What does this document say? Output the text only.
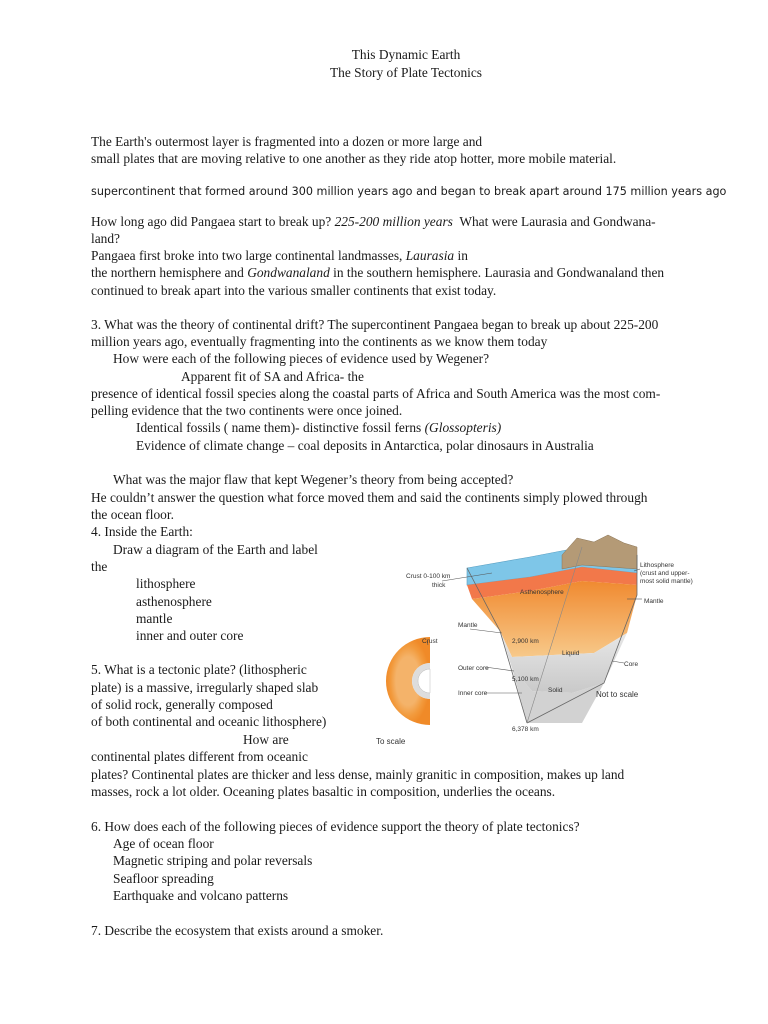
This Dynamic Earth
The Story of Plate Tectonics
The Earth's outermost layer is fragmented into a dozen or more large and
small plates that are moving relative to one another as they ride atop hotter, more mobile material.
supercontinent that formed around 300 million years ago and began to break apart around 175 million years ago
How long ago did Pangaea start to break up? 225-200 million years What were Laurasia and Gondwana-
land?
Pangaea first broke into two large continental landmasses, Laurasia in
the northern hemisphere and Gondwanaland in the southern hemisphere. Laurasia and Gondwanaland then
continued to break apart into the various smaller continents that exist today.
3. What was the theory of continental drift? The supercontinent Pangaea began to break up about 225-200
million years ago, eventually fragmenting into the continents as we know them today
How were each of the following pieces of evidence used by Wegener?
Apparent fit of SA and Africa- the
presence of identical fossil species along the coastal parts of Africa and South America was the most com-
pelling evidence that the two continents were once joined.
Identical fossils ( name them)- distinctive fossil ferns (Glossopteris)
Evidence of climate change – coal deposits in Antarctica, polar dinosaurs in Australia
What was the major flaw that kept Wegener’s theory from being accepted?
He couldn’t answer the question what force moved them and said the continents simply plowed through
the ocean floor.
4. Inside the Earth:
Draw a diagram of the Earth and label
the
lithosphere
asthenosphere
mantle
inner and outer core
5. What is a tectonic plate? (lithospheric
plate) is a massive, irregularly shaped slab
of solid rock, generally composed
of both continental and oceanic lithosphere)
How are
continental plates different from oceanic
plates? Continental plates are thicker and less dense, mainly granitic in composition, makes up land
masses, rock a lot older. Oceaning plates basaltic in composition, underlies the oceans.
6. How does each of the following pieces of evidence support the theory of plate tectonics?
Age of ocean floor
Magnetic striping and polar reversals
Seafloor spreading
Earthquake and volcano patterns
7. Describe the ecosystem that exists around a smoker.
Crust 0-100 km
thick
Lithosphere
(crust and upper-
most solid mantle)
Asthenosphere
Mantle
Mantle
Crust	2,900 km
Liquid
Core
Outer core
5,100 km
Inner core	Solid	Not to scale
6,378 km
To scale
